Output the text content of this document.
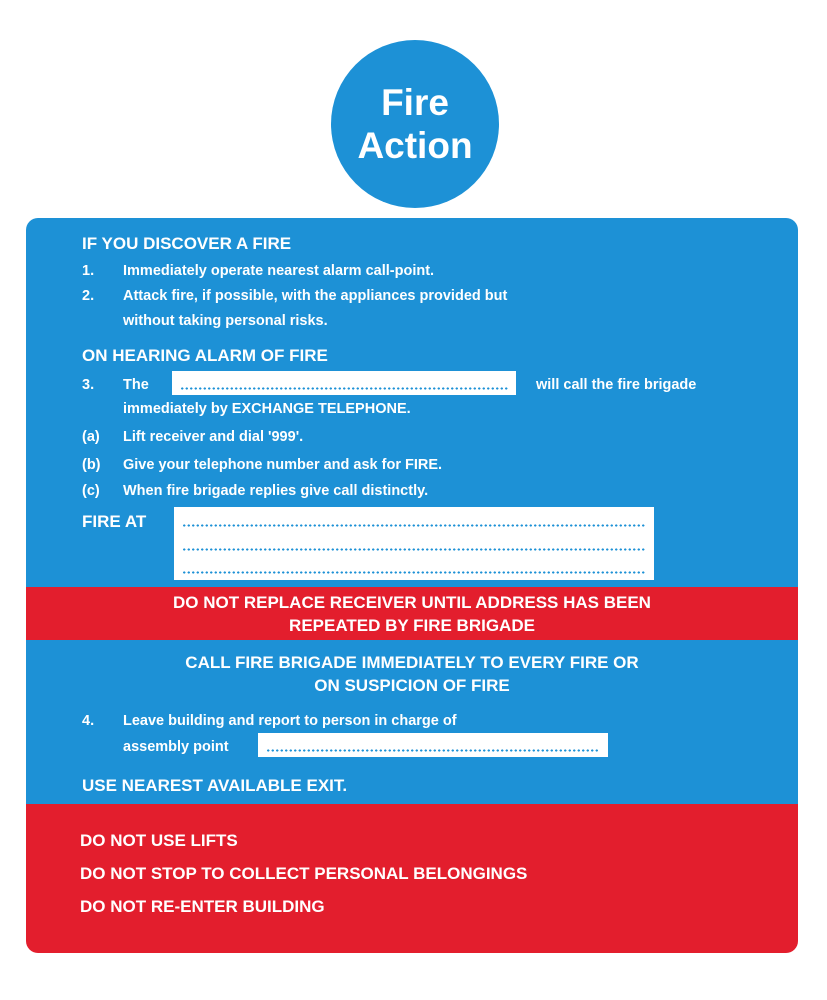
Fire
Action
IF YOU DISCOVER A FIRE
1. Immediately operate nearest alarm call-point.
2. Attack fire, if possible, with the appliances provided but
without taking personal risks.
ON HEARING ALARM OF FIRE
3. The	will call the fire brigade
immediately by EXCHANGE TELEPHONE.
(a) Lift receiver and dial '999'.
(b) Give your telephone number and ask for FIRE.
(c) When fire brigade replies give call distinctly.
FIRE AT
DO NOT REPLACE RECEIVER UNTIL ADDRESS HAS BEEN
REPEATED BY FIRE BRIGADE
CALL FIRE BRIGADE IMMEDIATELY TO EVERY FIRE OR
ON SUSPICION OF FIRE
4. Leave building and report to person in charge of
assembly point
USE NEAREST AVAILABLE EXIT.
DO NOT USE LIFTS
DO NOT STOP TO COLLECT PERSONAL BELONGINGS
DO NOT RE-ENTER BUILDING
